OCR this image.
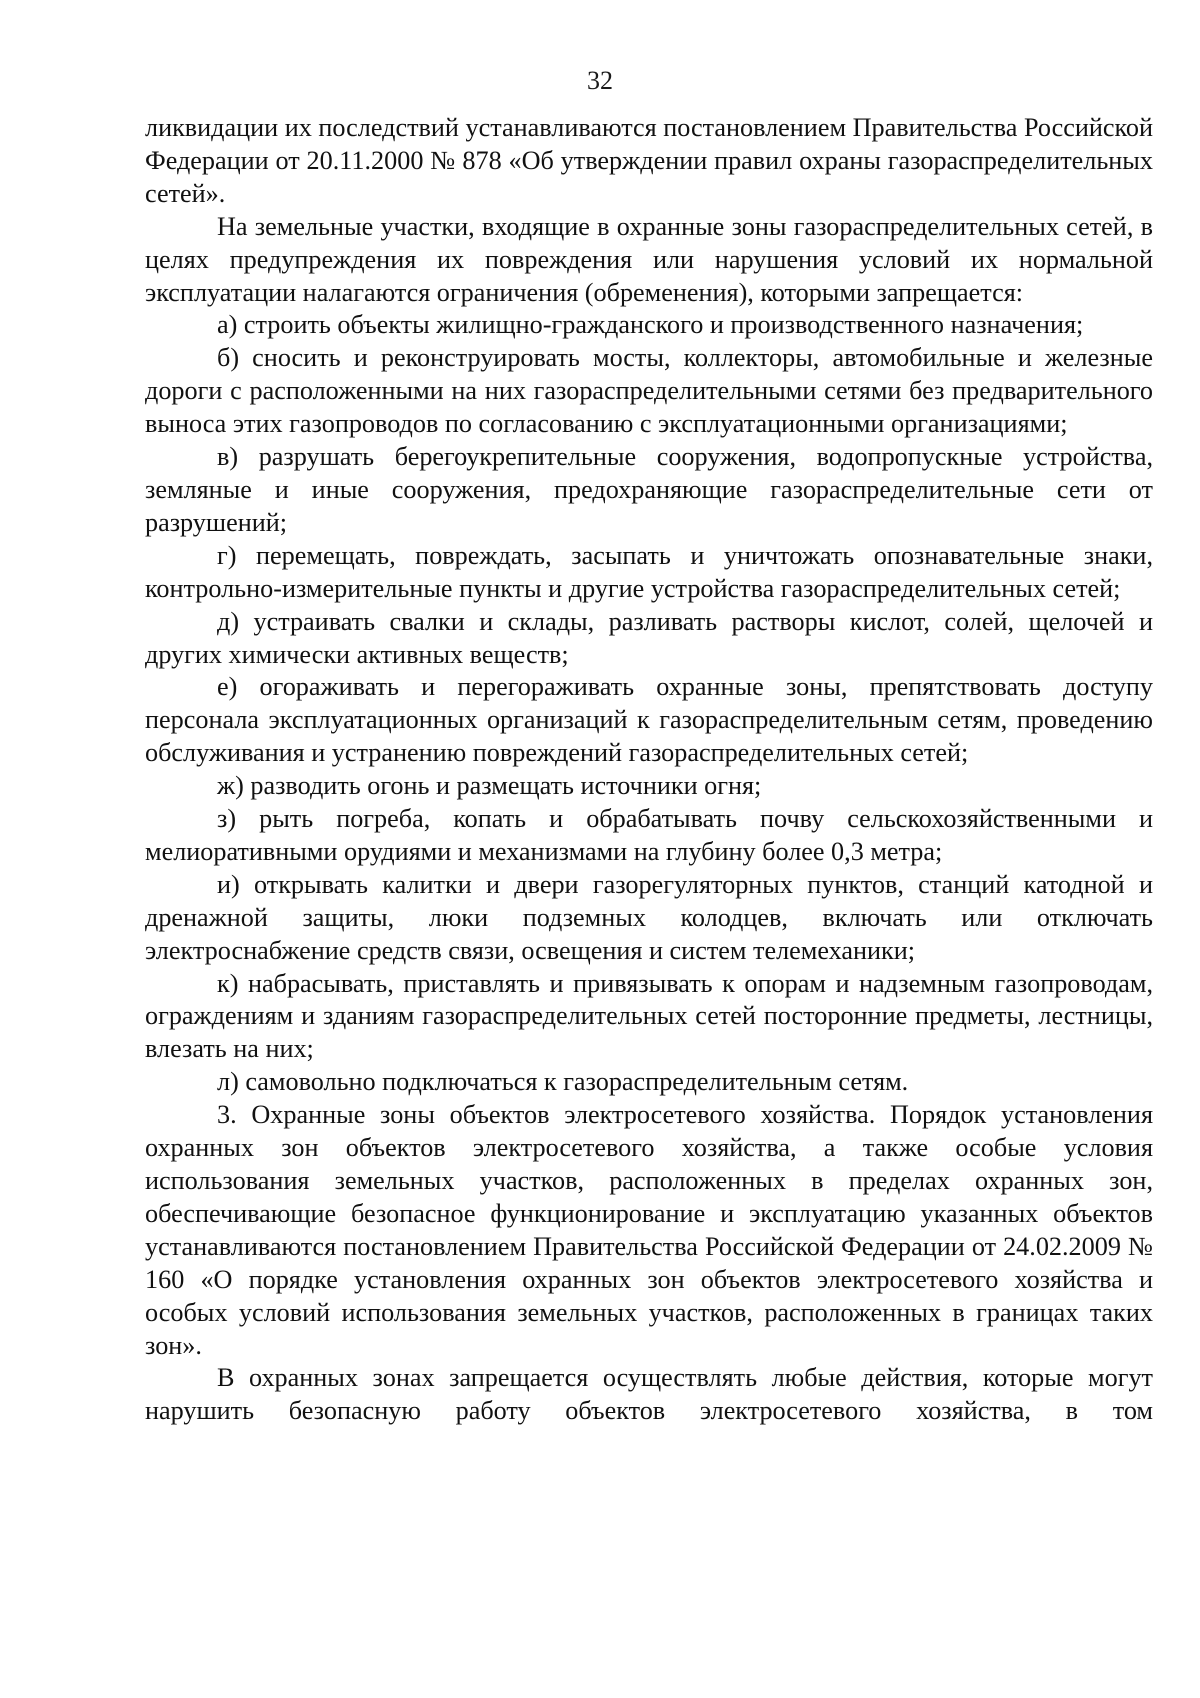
32

ликвидации их последствий устанавливаются постановлением Правительства Российской Федерации от 20.11.2000 № 878 «Об утверждении правил охраны газораспределительных сетей».

На земельные участки, входящие в охранные зоны газораспределительных сетей, в целях предупреждения их повреждения или нарушения условий их нормальной эксплуатации налагаются ограничения (обременения), которыми запрещается:

а) строить объекты жилищно-гражданского и производственного назначения;

б) сносить и реконструировать мосты, коллекторы, автомобильные и железные дороги с расположенными на них газораспределительными сетями без предварительного выноса этих газопроводов по согласованию с эксплуатационными организациями;

в) разрушать берегоукрепительные сооружения, водопропускные устройства, земляные и иные сооружения, предохраняющие газораспределительные сети от разрушений;

г) перемещать, повреждать, засыпать и уничтожать опознавательные знаки, контрольно-измерительные пункты и другие устройства газораспределительных сетей;

д) устраивать свалки и склады, разливать растворы кислот, солей, щелочей и других химически активных веществ;

е) огораживать и перегораживать охранные зоны, препятствовать доступу персонала эксплуатационных организаций к газораспределительным сетям, проведению обслуживания и устранению повреждений газораспределительных сетей;

ж) разводить огонь и размещать источники огня;

з) рыть погреба, копать и обрабатывать почву сельскохозяйственными и мелиоративными орудиями и механизмами на глубину более 0,3 метра;

и) открывать калитки и двери газорегуляторных пунктов, станций катодной и дренажной защиты, люки подземных колодцев, включать или отключать электроснабжение средств связи, освещения и систем телемеханики;

к) набрасывать, приставлять и привязывать к опорам и надземным газопроводам, ограждениям и зданиям газораспределительных сетей посторонние предметы, лестницы, влезать на них;

л) самовольно подключаться к газораспределительным сетям.

3. Охранные зоны объектов электросетевого хозяйства. Порядок установления охранных зон объектов электросетевого хозяйства, а также особые условия использования земельных участков, расположенных в пределах охранных зон, обеспечивающие безопасное функционирование и эксплуатацию указанных объектов устанавливаются постановлением Правительства Российской Федерации от 24.02.2009 № 160 «О порядке установления охранных зон объектов электросетевого хозяйства и особых условий использования земельных участков, расположенных в границах таких зон».

В охранных зонах запрещается осуществлять любые действия, которые могут нарушить безопасную работу объектов электросетевого хозяйства, в том
